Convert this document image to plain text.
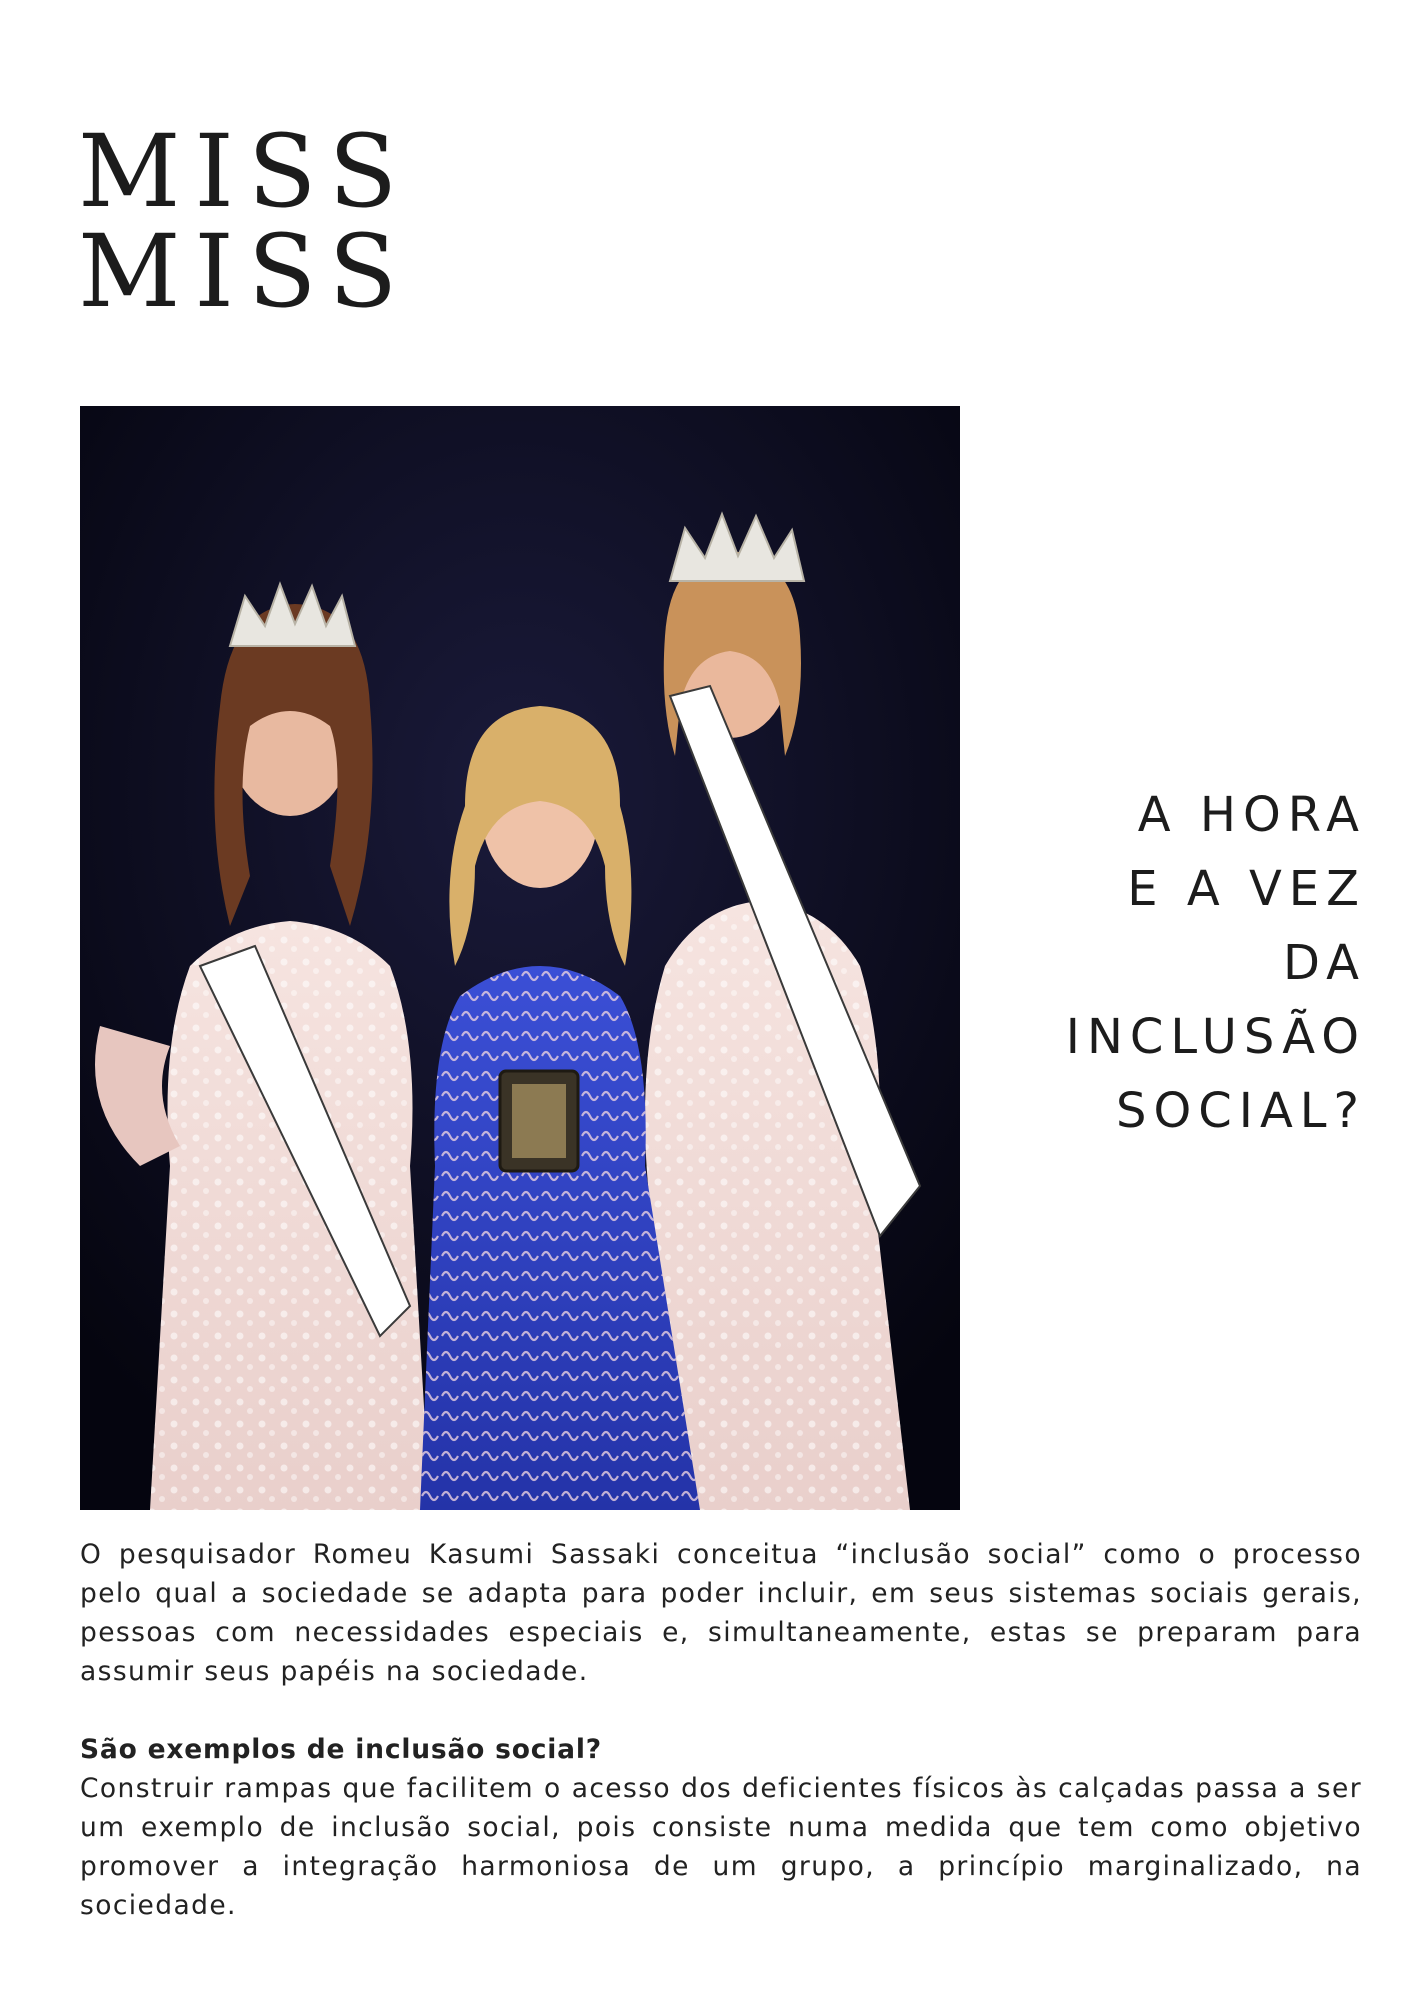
MISS
MISS
A HORA
E A VEZ
DA
INCLUSÃO
SOCIAL?

O pesquisador Romeu Kasumi Sassaki conceitua “inclusão social” como o processo pelo qual a sociedade se adapta para poder incluir, em seus sistemas sociais gerais, pessoas com necessidades especiais e, simultaneamente, estas se preparam para assumir seus papéis na sociedade.

São exemplos de inclusão social?

Construir rampas que facilitem o acesso dos deficientes físicos às calçadas passa a ser um exemplo de inclusão social, pois consiste numa medida que tem como objetivo promover a integração harmoniosa de um grupo, a princípio marginalizado, na sociedade.
